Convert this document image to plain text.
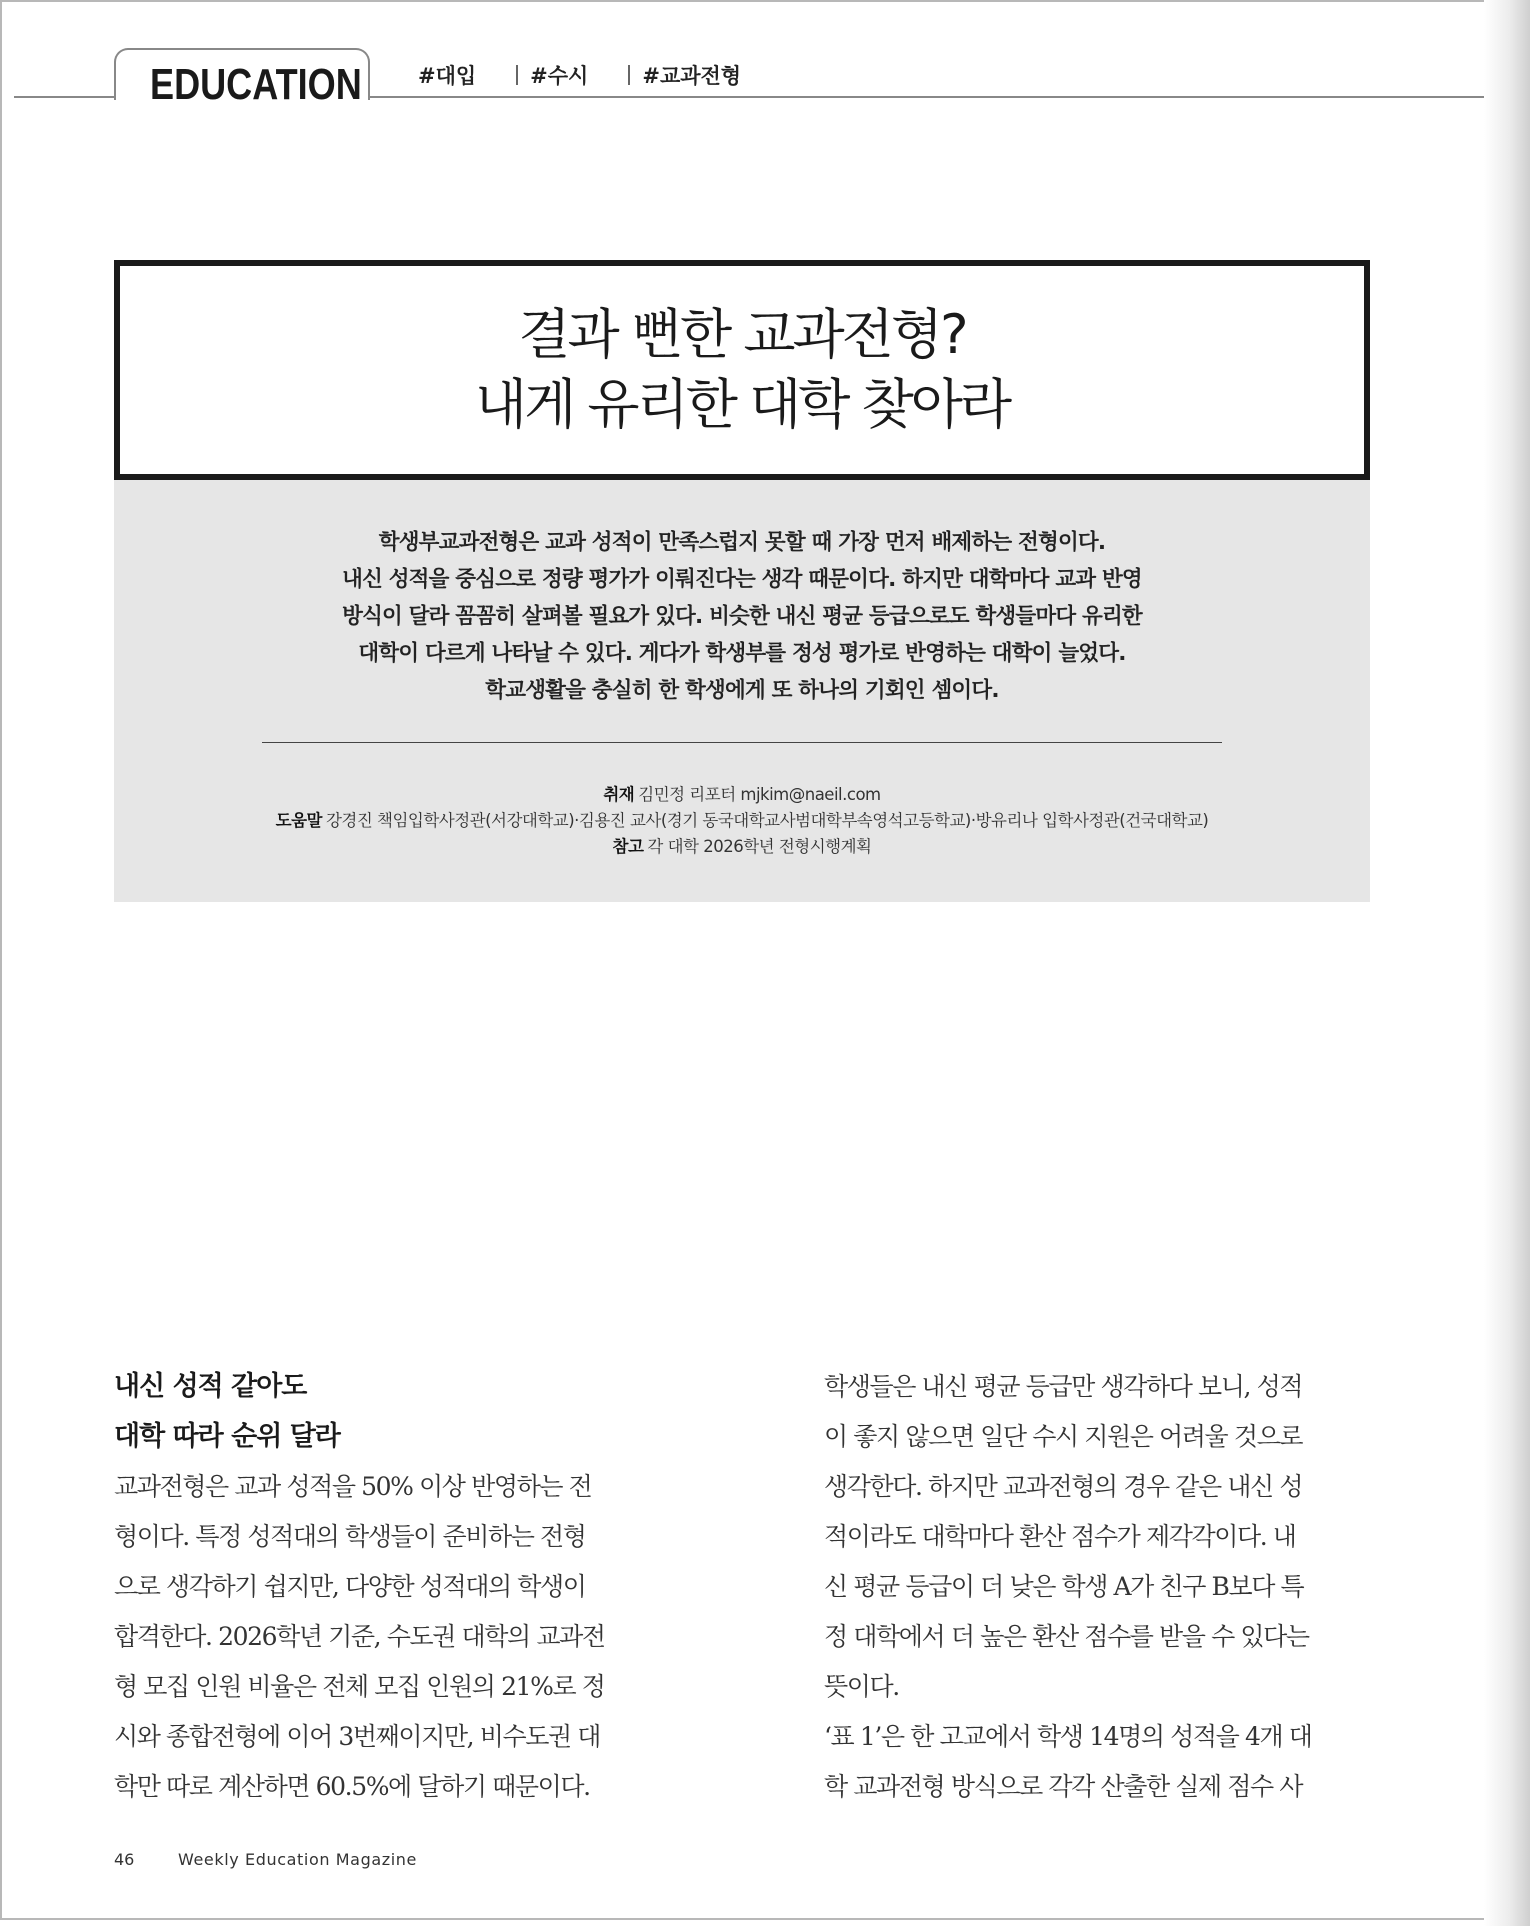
EDUCATION	#대입	#수시	#교과전형
결과 뻔한 교과전형?
내게 유리한 대학 찾아라
학생부교과전형은 교과 성적이 만족스럽지 못할 때 가장 먼저 배제하는 전형이다.
내신 성적을 중심으로 정량 평가가 이뤄진다는 생각 때문이다. 하지만 대학마다 교과 반영
방식이 달라 꼼꼼히 살펴볼 필요가 있다. 비슷한 내신 평균 등급으로도 학생들마다 유리한
대학이 다르게 나타날 수 있다. 게다가 학생부를 정성 평가로 반영하는 대학이 늘었다.
학교생활을 충실히 한 학생에게 또 하나의 기회인 셈이다.
취재 김민정 리포터 mjkim@naeil.com
도움말 강경진 책임입학사정관(서강대학교)·김용진 교사(경기 동국대학교사범대학부속영석고등학교)·방유리나 입학사정관(건국대학교)
참고 각 대학 2026학년 전형시행계획
내신 성적 같아도
대학 따라 순위 달라
교과전형은 교과 성적을 50% 이상 반영하는 전
형이다. 특정 성적대의 학생들이 준비하는 전형
으로 생각하기 쉽지만, 다양한 성적대의 학생이
합격한다. 2026학년 기준, 수도권 대학의 교과전
형 모집 인원 비율은 전체 모집 인원의 21%로 정
시와 종합전형에 이어 3번째이지만, 비수도권 대
학만 따로 계산하면 60.5%에 달하기 때문이다.
학생들은 내신 평균 등급만 생각하다 보니, 성적
이 좋지 않으면 일단 수시 지원은 어려울 것으로
생각한다. 하지만 교과전형의 경우 같은 내신 성
적이라도 대학마다 환산 점수가 제각각이다. 내
신 평균 등급이 더 낮은 학생 A가 친구 B보다 특
정 대학에서 더 높은 환산 점수를 받을 수 있다는
뜻이다.
‘표 1’은 한 고교에서 학생 14명의 성적을 4개 대
학 교과전형 방식으로 각각 산출한 실제 점수 사
46	Weekly Education Magazine
